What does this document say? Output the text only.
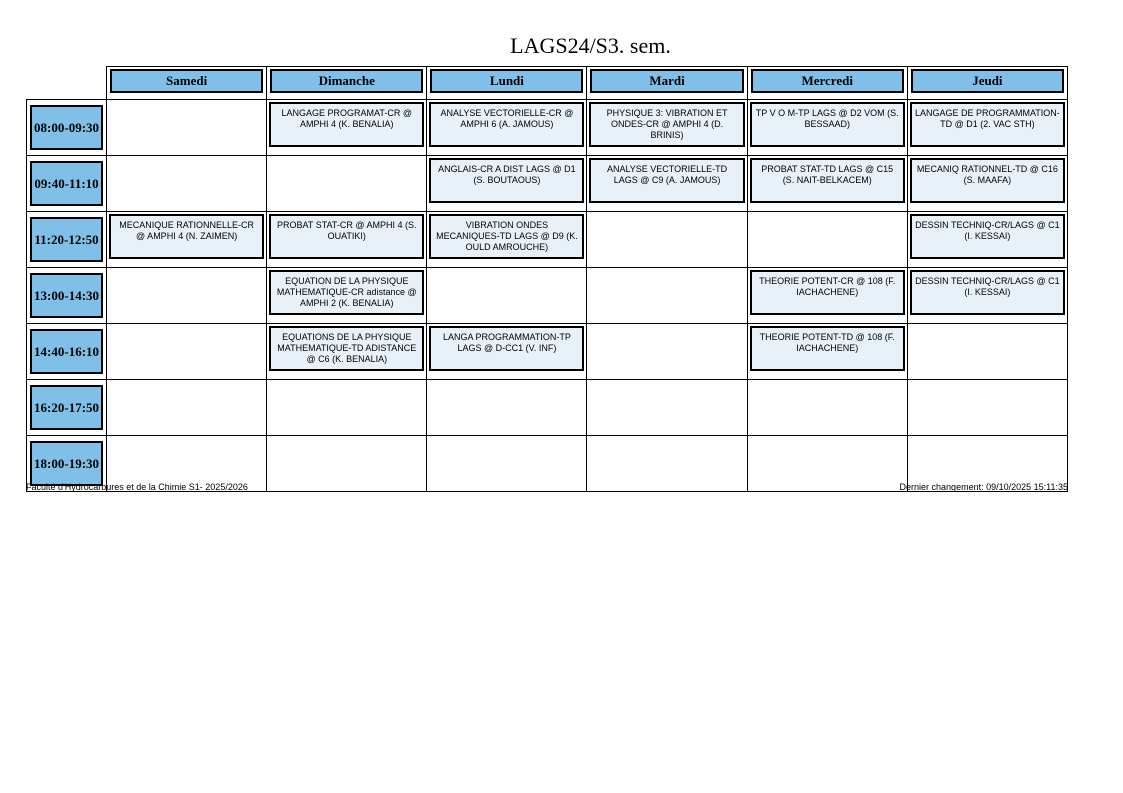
LAGS24/S3. sem.

Samedi	Dimanche	Lundi	Mardi	Mercredi	Jeudi

08:00-09:30		LANGAGE PROGRAMAT-CR @ AMPHI 4 (K. BENALIA)	ANALYSE VECTORIELLE-CR @ AMPHI 6 (A. JAMOUS)	PHYSIQUE 3: VIBRATION ET ONDES-CR @ AMPHI 4 (D. BRINIS)	TP V O M-TP LAGS @ D2 VOM (S. BESSAAD)	LANGAGE DE PROGRAMMATION-TD @ D1 (2. VAC STH)

09:40-11:10			ANGLAIS-CR A DIST LAGS @ D1 (S. BOUTAOUS)	ANALYSE VECTORIELLE-TD LAGS @ C9 (A. JAMOUS)	PROBAT STAT-TD LAGS @ C15 (S. NAIT-BELKACEM)	MECANIQ RATIONNEL-TD @ C16 (S. MAAFA)

11:20-12:50	MECANIQUE RATIONNELLE-CR @ AMPHI 4 (N. ZAIMEN)	PROBAT STAT-CR @ AMPHI 4 (S. OUATIKI)	VIBRATION ONDES MECANIQUES-TD LAGS @ D9 (K. OULD AMROUCHE)			DESSIN TECHNIQ-CR/LAGS @ C1 (I. KESSAI)

13:00-14:30		EQUATION DE LA PHYSIQUE MATHEMATIQUE-CR adistance @ AMPHI 2 (K. BENALIA)			THEORIE POTENT-CR @ 108 (F. IACHACHENE)	DESSIN TECHNIQ-CR/LAGS @ C1 (I. KESSAI)

14:40-16:10		EQUATIONS DE LA PHYSIQUE MATHEMATIQUE-TD ADISTANCE @ C6 (K. BENALIA)	LANGA PROGRAMMATION-TP LAGS @ D-CC1 (V. INF)		THEORIE POTENT-TD @ 108 (F. IACHACHENE)	

16:20-17:50						

18:00-19:30						

Faculté d'Hydrocarbures et de la Chimie S1- 2025/2026	Dernier changement: 09/10/2025 15:11:35
